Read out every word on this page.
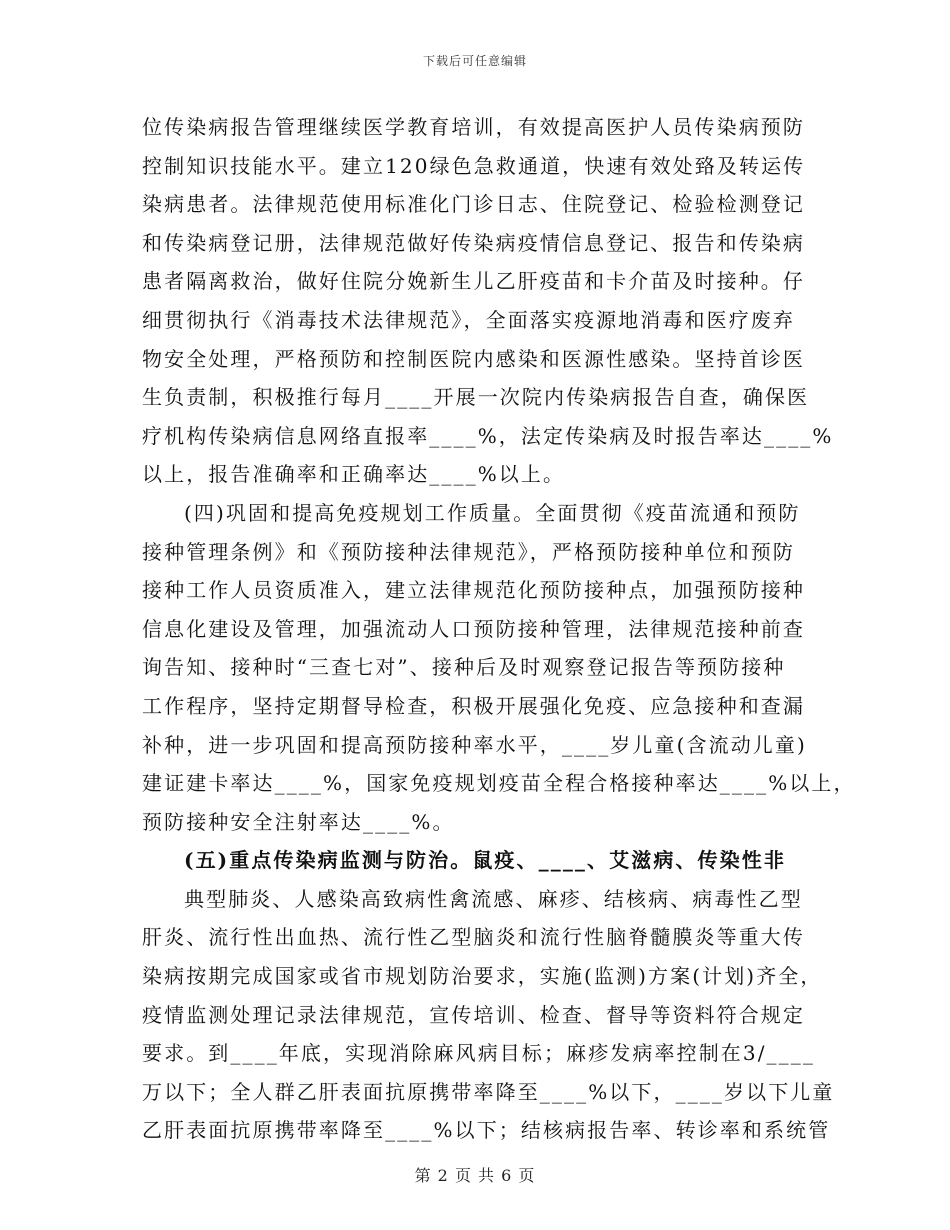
下载后可任意编辑
位传染病报告管理继续医学教育培训，有效提高医护人员传染病预防
控制知识技能水平。建立120绿色急救通道，快速有效处臵及转运传
染病患者。法律规范使用标准化门诊日志、住院登记、检验检测登记
和传染病登记册，法律规范做好传染病疫情信息登记、报告和传染病
患者隔离救治，做好住院分娩新生儿乙肝疫苗和卡介苗及时接种。仔
细贯彻执行《消毒技术法律规范》，全面落实疫源地消毒和医疗废弃
物安全处理，严格预防和控制医院内感染和医源性感染。坚持首诊医
生负责制，积极推行每月____开展一次院内传染病报告自查，确保医
疗机构传染病信息网络直报率____%，法定传染病及时报告率达____%
以上，报告准确率和正确率达____%以上。
(四)巩固和提高免疫规划工作质量。全面贯彻《疫苗流通和预防
接种管理条例》和《预防接种法律规范》，严格预防接种单位和预防
接种工作人员资质准入，建立法律规范化预防接种点，加强预防接种
信息化建设及管理，加强流动人口预防接种管理，法律规范接种前查
询告知、接种时“三查七对”、接种后及时观察登记报告等预防接种
工作程序，坚持定期督导检查，积极开展强化免疫、应急接种和查漏
补种，进一步巩固和提高预防接种率水平，____岁儿童(含流动儿童)
建证建卡率达____%，国家免疫规划疫苗全程合格接种率达____%以上，
预防接种安全注射率达____%。
(五)重点传染病监测与防治。鼠疫、____、艾滋病、传染性非
典型肺炎、人感染高致病性禽流感、麻疹、结核病、病毒性乙型
肝炎、流行性出血热、流行性乙型脑炎和流行性脑脊髓膜炎等重大传
染病按期完成国家或省市规划防治要求，实施(监测)方案(计划)齐全，
疫情监测处理记录法律规范，宣传培训、检查、督导等资料符合规定
要求。到____年底，实现消除麻风病目标；麻疹发病率控制在3/____
万以下；全人群乙肝表面抗原携带率降至____%以下，____岁以下儿童
乙肝表面抗原携带率降至____%以下；结核病报告率、转诊率和系统管
第 2 页 共 6 页
